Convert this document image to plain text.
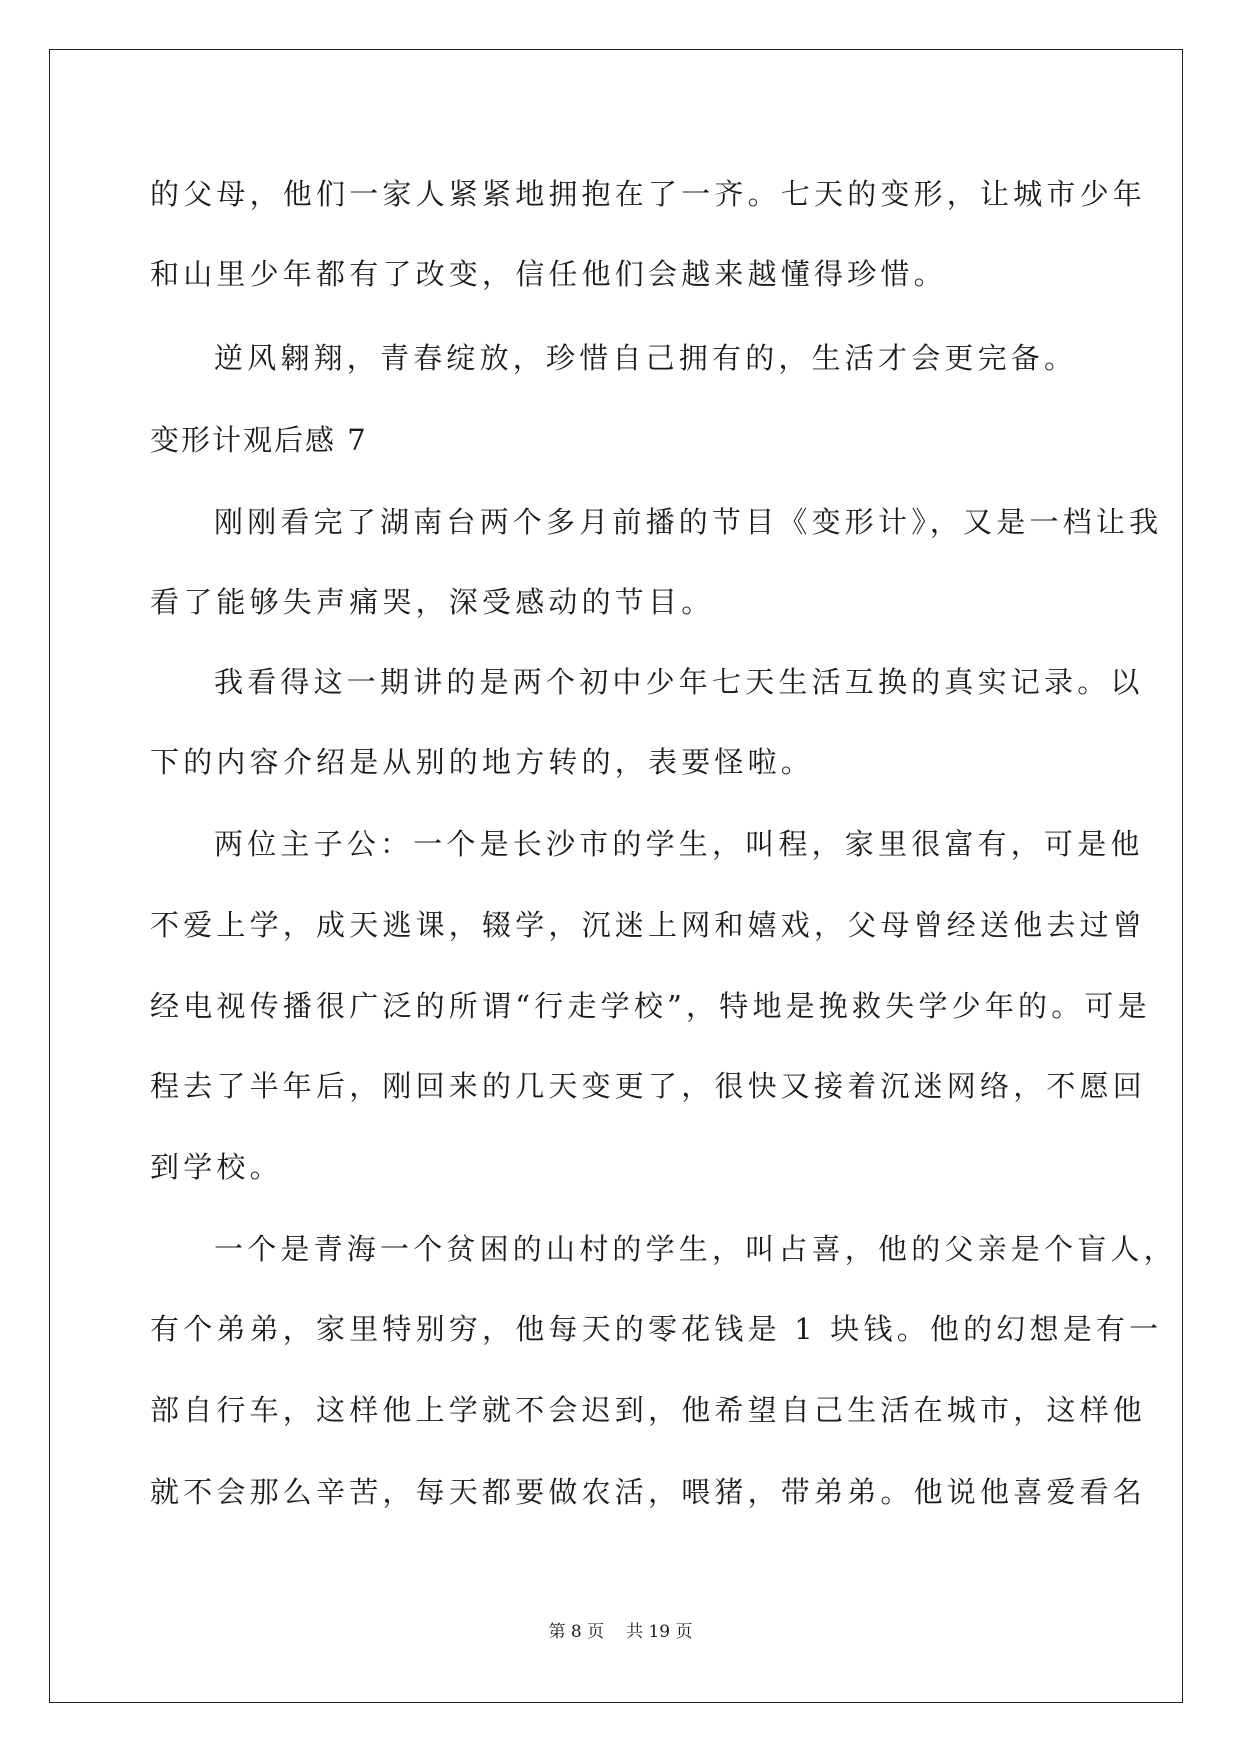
的父母，他们一家人紧紧地拥抱在了一齐。七天的变形，让城市少年
和山里少年都有了改变，信任他们会越来越懂得珍惜。
逆风翱翔，青春绽放，珍惜自己拥有的，生活才会更完备。
变形计观后感 7
刚刚看完了湖南台两个多月前播的节目《变形计》，又是一档让我
看了能够失声痛哭，深受感动的节目。
我看得这一期讲的是两个初中少年七天生活互换的真实记录。以
下的内容介绍是从别的地方转的，表要怪啦。
两位主子公：一个是长沙市的学生，叫程，家里很富有，可是他
不爱上学，成天逃课，辍学，沉迷上网和嬉戏，父母曾经送他去过曾
经电视传播很广泛的所谓“行走学校”，特地是挽救失学少年的。可是
程去了半年后，刚回来的几天变更了，很快又接着沉迷网络，不愿回
到学校。
一个是青海一个贫困的山村的学生，叫占喜，他的父亲是个盲人，
有个弟弟，家里特别穷，他每天的零花钱是 1 块钱。他的幻想是有一
部自行车，这样他上学就不会迟到，他希望自己生活在城市，这样他
就不会那么辛苦，每天都要做农活，喂猪，带弟弟。他说他喜爱看名
第 8 页 共 19 页
